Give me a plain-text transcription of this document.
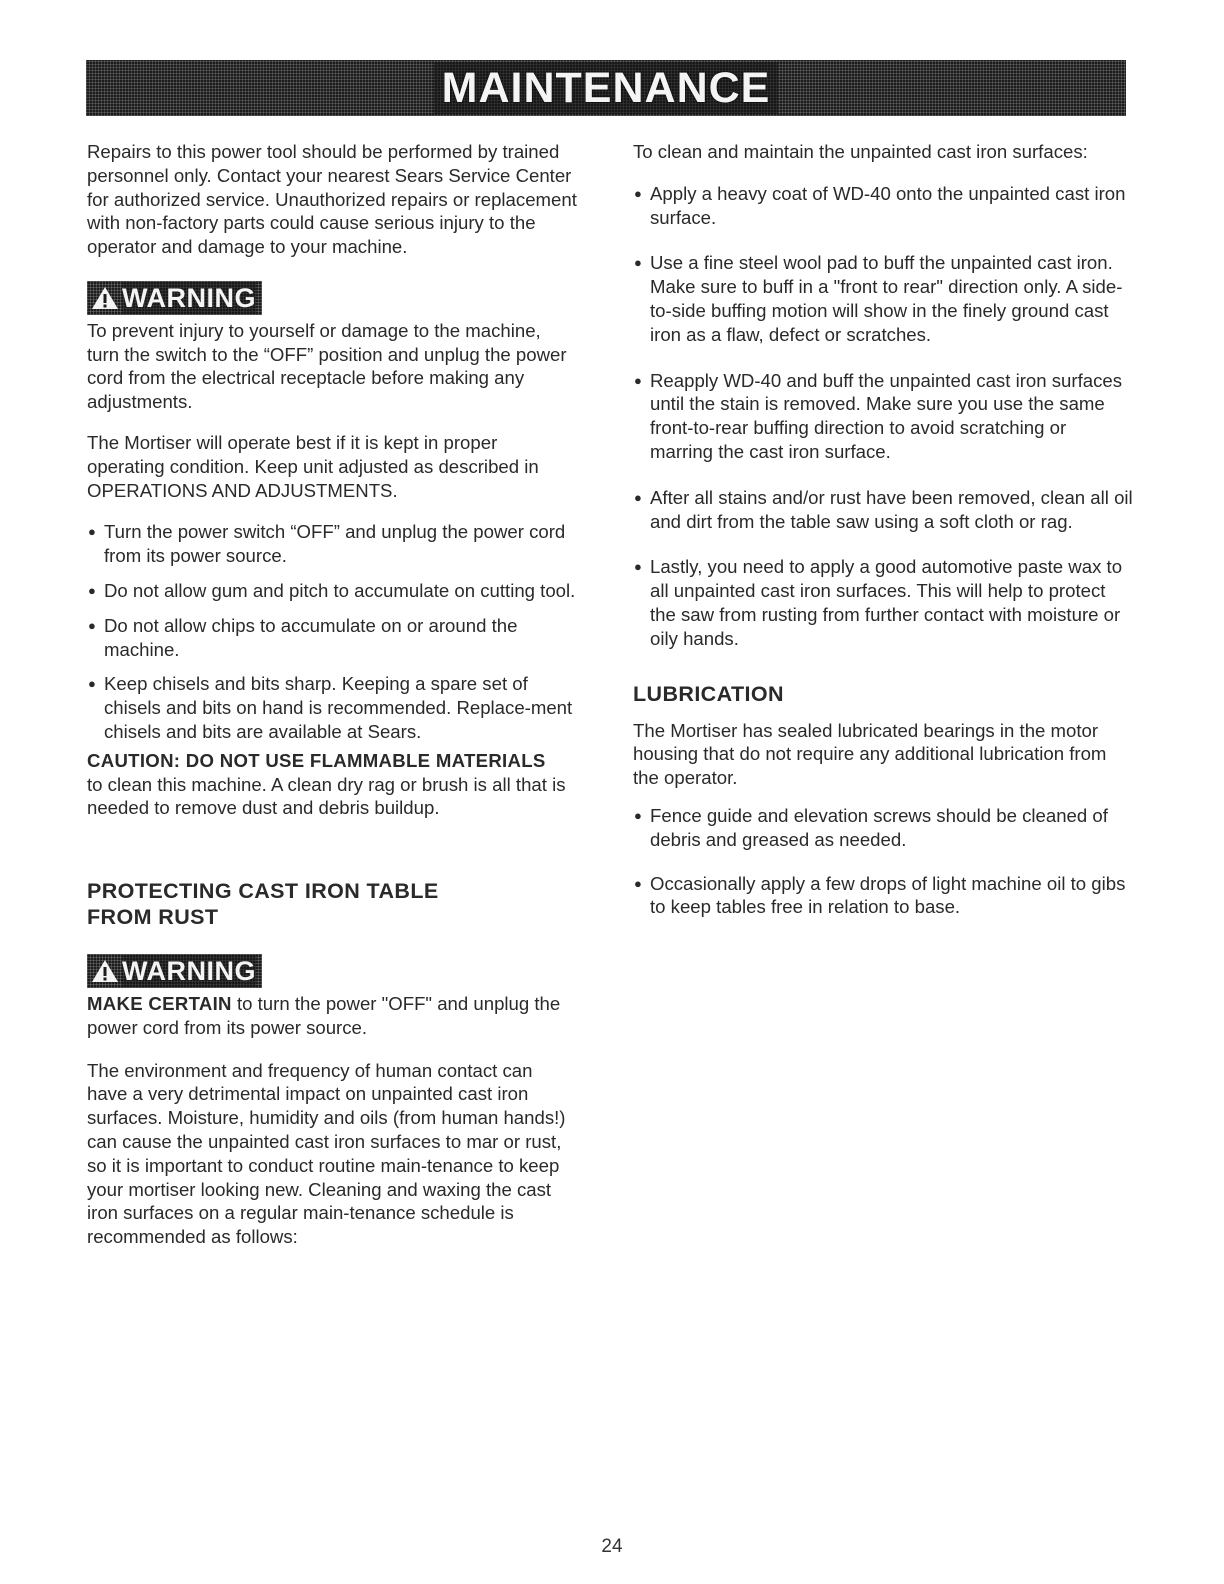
MAINTENANCE

Repairs to this power tool should be performed by trained personnel only. Contact your nearest Sears Service Center for authorized service. Unauthorized repairs or replacement with non-factory parts could cause serious injury to the operator and damage to your machine.

WARNING

To prevent injury to yourself or damage to the machine, turn the switch to the “OFF” position and unplug the power cord from the electrical receptacle before making any adjustments.

The Mortiser will operate best if it is kept in proper operating condition. Keep unit adjusted as described in OPERATIONS AND ADJUSTMENTS.

● Turn the power switch “OFF” and unplug the power cord from its power source.
● Do not allow gum and pitch to accumulate on cutting tool.
● Do not allow chips to accumulate on or around the machine.
● Keep chisels and bits sharp. Keeping a spare set of chisels and bits on hand is recommended. Replace-ment chisels and bits are available at Sears.
CAUTION: DO NOT USE FLAMMABLE MATERIALS
to clean this machine. A clean dry rag or brush is all that is needed to remove dust and debris buildup.
PROTECTING CAST IRON TABLE FROM RUST
WARNING

MAKE CERTAIN to turn the power "OFF" and unplug the power cord from its power source.

The environment and frequency of human contact can have a very detrimental impact on unpainted cast iron surfaces. Moisture, humidity and oils (from human hands!) can cause the unpainted cast iron surfaces to mar or rust, so it is important to conduct routine main-tenance to keep your mortiser looking new. Cleaning and waxing the cast iron surfaces on a regular main-tenance schedule is recommended as follows:

To clean and maintain the unpainted cast iron surfaces:

● Apply a heavy coat of WD-40 onto the unpainted cast iron surface.
● Use a fine steel wool pad to buff the unpainted cast iron. Make sure to buff in a "front to rear" direction only. A side-to-side buffing motion will show in the finely ground cast iron as a flaw, defect or scratches.
● Reapply WD-40 and buff the unpainted cast iron surfaces until the stain is removed. Make sure you use the same front-to-rear buffing direction to avoid scratching or marring the cast iron surface.
● After all stains and/or rust have been removed, clean all oil and dirt from the table saw using a soft cloth or rag.
● Lastly, you need to apply a good automotive paste wax to all unpainted cast iron surfaces. This will help to protect the saw from rusting from further contact with moisture or oily hands.
LUBRICATION

The Mortiser has sealed lubricated bearings in the motor housing that do not require any additional lubrication from the operator.

● Fence guide and elevation screws should be cleaned of debris and greased as needed.
● Occasionally apply a few drops of light machine oil to gibs to keep tables free in relation to base.
24
